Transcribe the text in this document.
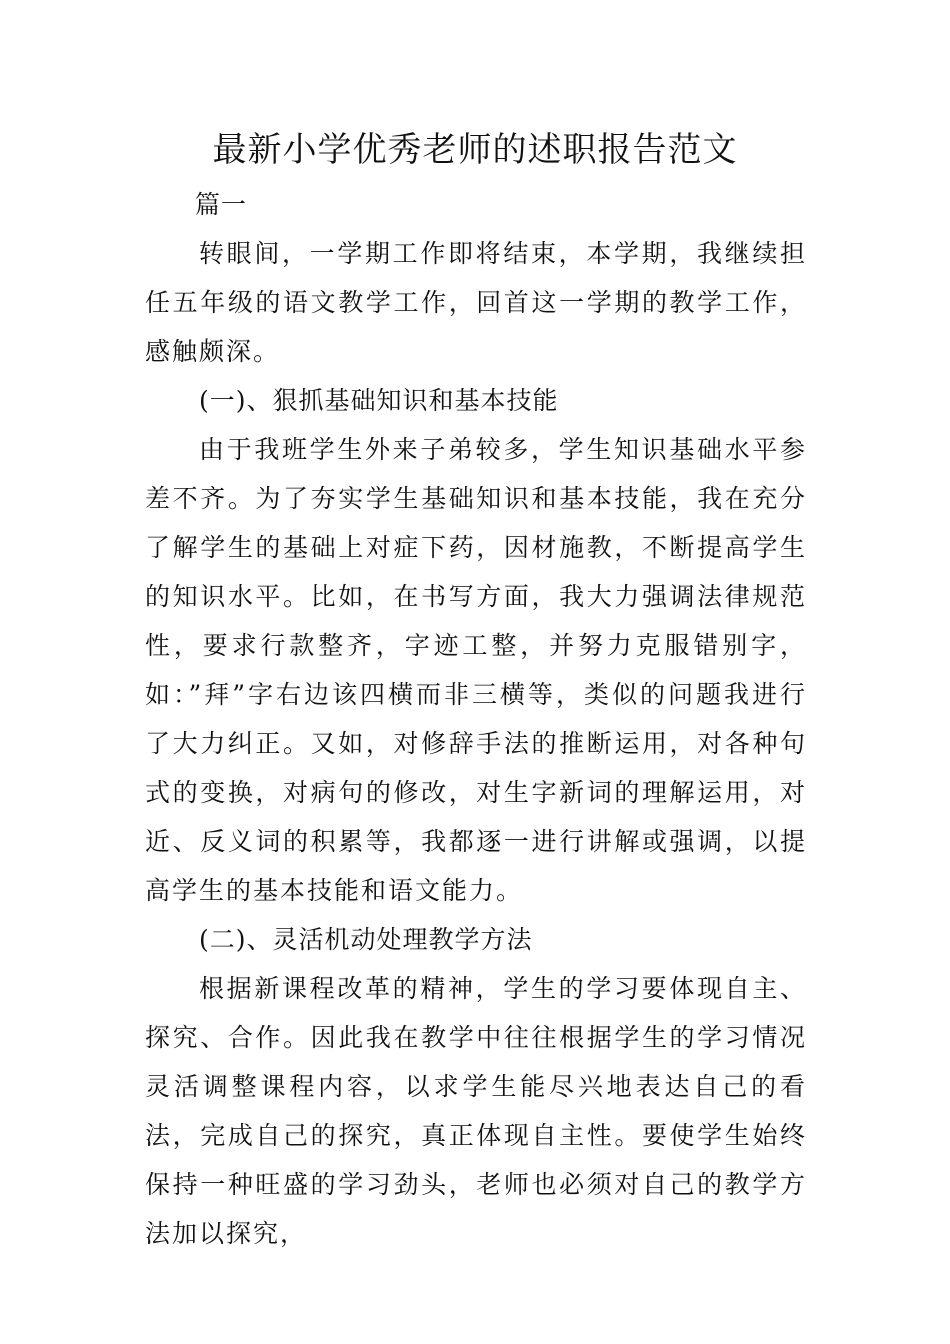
最新小学优秀老师的述职报告范文

篇一

转眼间，一学期工作即将结束，本学期，我继续担任五年级的语文教学工作，回首这一学期的教学工作，感触颇深。

(一)、狠抓基础知识和基本技能

由于我班学生外来子弟较多，学生知识基础水平参差不齐。为了夯实学生基础知识和基本技能，我在充分了解学生的基础上对症下药，因材施教，不断提高学生的知识水平。比如，在书写方面，我大力强调法律规范性，要求行款整齐，字迹工整，并努力克服错别字，如：”拜”字右边该四横而非三横等，类似的问题我进行了大力纠正。又如，对修辞手法的推断运用，对各种句式的变换，对病句的修改，对生字新词的理解运用，对近、反义词的积累等，我都逐一进行讲解或强调，以提高学生的基本技能和语文能力。

(二)、灵活机动处理教学方法

根据新课程改革的精神，学生的学习要体现自主、探究、合作。因此我在教学中往往根据学生的学习情况灵活调整课程内容，以求学生能尽兴地表达自己的看法，完成自己的探究，真正体现自主性。要使学生始终保持一种旺盛的学习劲头，老师也必须对自己的教学方法加以探究，
